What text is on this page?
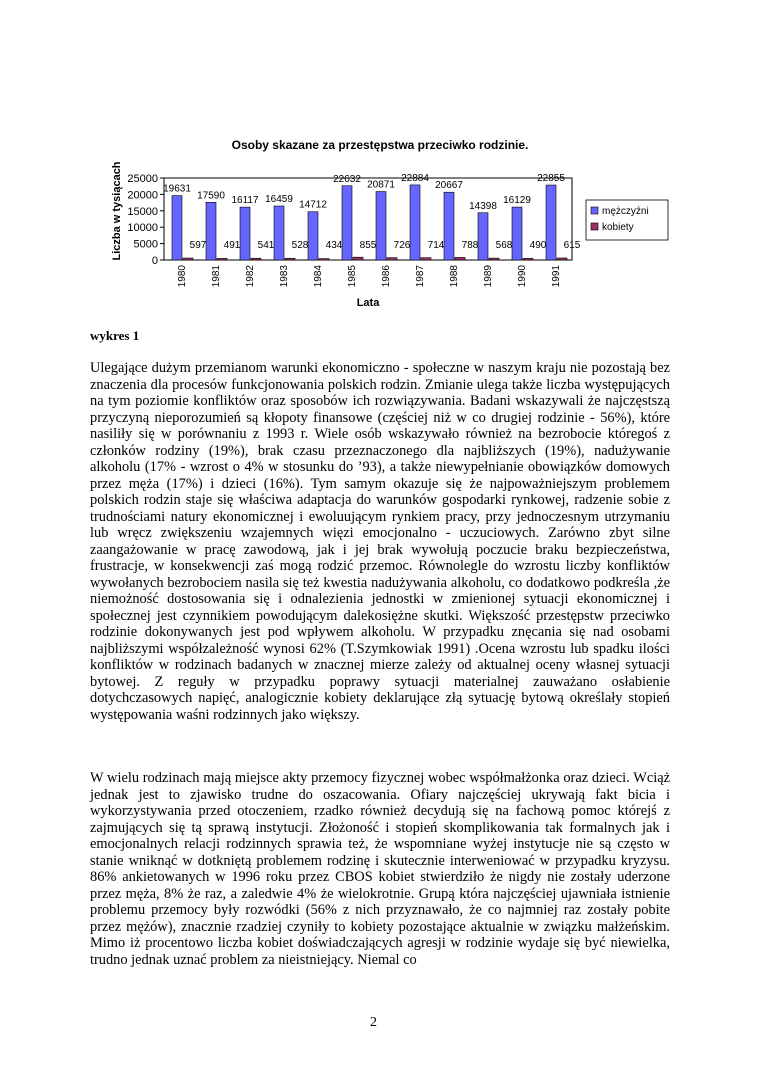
Osoby skazane za przestępstwa przeciwko rodzinie.
0
5000
10000
15000
20000
25000
Liczba w tysiącach	19631
597
1980
17590
491
1981
16117
541
1982
16459
528
1983
14712
434
1984
22632
855
1985
20871
726
1986
22884
714
1987
20667
788
1988
14398
568
1989
16129
490
1990
22855
615
1991
Lata
mężczyźni
kobiety
wykres 1

Ulegające dużym przemianom warunki ekonomiczno - społeczne w naszym kraju nie pozostają bez znaczenia dla procesów funkcjonowania polskich rodzin. Zmianie ulega także liczba występujących na tym poziomie konfliktów oraz sposobów ich rozwiązywania. Badani wskazywali że najczęstszą przyczyną nieporozumień są kłopoty finansowe (częściej niż w co drugiej rodzinie - 56%), które nasiliły się w porównaniu z 1993 r. Wiele osób wskazywało również na bezrobocie któregoś z członków rodziny (19%), brak czasu przeznaczonego dla najbliższych (19%), nadużywanie alkoholu (17% - wzrost o 4% w stosunku do ’93), a także niewypełnianie obowiązków domowych przez męża (17%) i dzieci (16%). Tym samym okazuje się że najpoważniejszym problemem polskich rodzin staje się właściwa adaptacja do warunków gospodarki rynkowej, radzenie sobie z trudnościami natury ekonomicznej i ewoluującym rynkiem pracy, przy jednoczesnym utrzymaniu lub wręcz zwiększeniu wzajemnych więzi emocjonalno - uczuciowych. Zarówno zbyt silne zaangażowanie w pracę zawodową, jak i jej brak wywołują poczucie braku bezpieczeństwa, frustracje, w konsekwencji zaś mogą rodzić przemoc. Równolegle do wzrostu liczby konfliktów wywołanych bezrobociem nasila się też kwestia nadużywania alkoholu, co dodatkowo podkreśla ,że niemożność dostosowania się i odnalezienia jednostki w zmienionej sytuacji ekonomicznej i społecznej jest czynnikiem powodującym dalekosiężne skutki. Większość przestępstw przeciwko rodzinie dokonywanych jest pod wpływem alkoholu. W przypadku znęcania się nad osobami najbliższymi współzależność wynosi 62% (T.Szymkowiak 1991) .Ocena wzrostu lub spadku ilości konfliktów w rodzinach badanych w znacznej mierze zależy od aktualnej oceny własnej sytuacji bytowej. Z reguły w przypadku poprawy sytuacji materialnej zauważano osłabienie dotychczasowych napięć, analogicznie kobiety deklarujące złą sytuację bytową określały stopień występowania waśni rodzinnych jako większy.

W wielu rodzinach mają miejsce akty przemocy fizycznej wobec współmałżonka oraz dzieci. Wciąż jednak jest to zjawisko trudne do oszacowania. Ofiary najczęściej ukrywają fakt bicia i wykorzystywania przed otoczeniem, rzadko również decydują się na fachową pomoc którejś z zajmujących się tą sprawą instytucji. Złożoność i stopień skomplikowania tak formalnych jak i emocjonalnych relacji rodzinnych sprawia też, że wspomniane wyżej instytucje nie są często w stanie wniknąć w dotkniętą problemem rodzinę i skutecznie interweniować w przypadku kryzysu. 86% ankietowanych w 1996 roku przez CBOS kobiet stwierdziło że nigdy nie zostały uderzone przez męża, 8% że raz, a zaledwie 4% że wielokrotnie. Grupą która najczęściej ujawniała istnienie problemu przemocy były rozwódki (56% z nich przyznawało, że co najmniej raz zostały pobite przez mężów), znacznie rzadziej czyniły to kobiety pozostające aktualnie w związku małżeńskim. Mimo iż procentowo liczba kobiet doświadczających agresji w rodzinie wydaje się być niewielka, trudno jednak uznać problem za nieistniejący. Niemal co

2
